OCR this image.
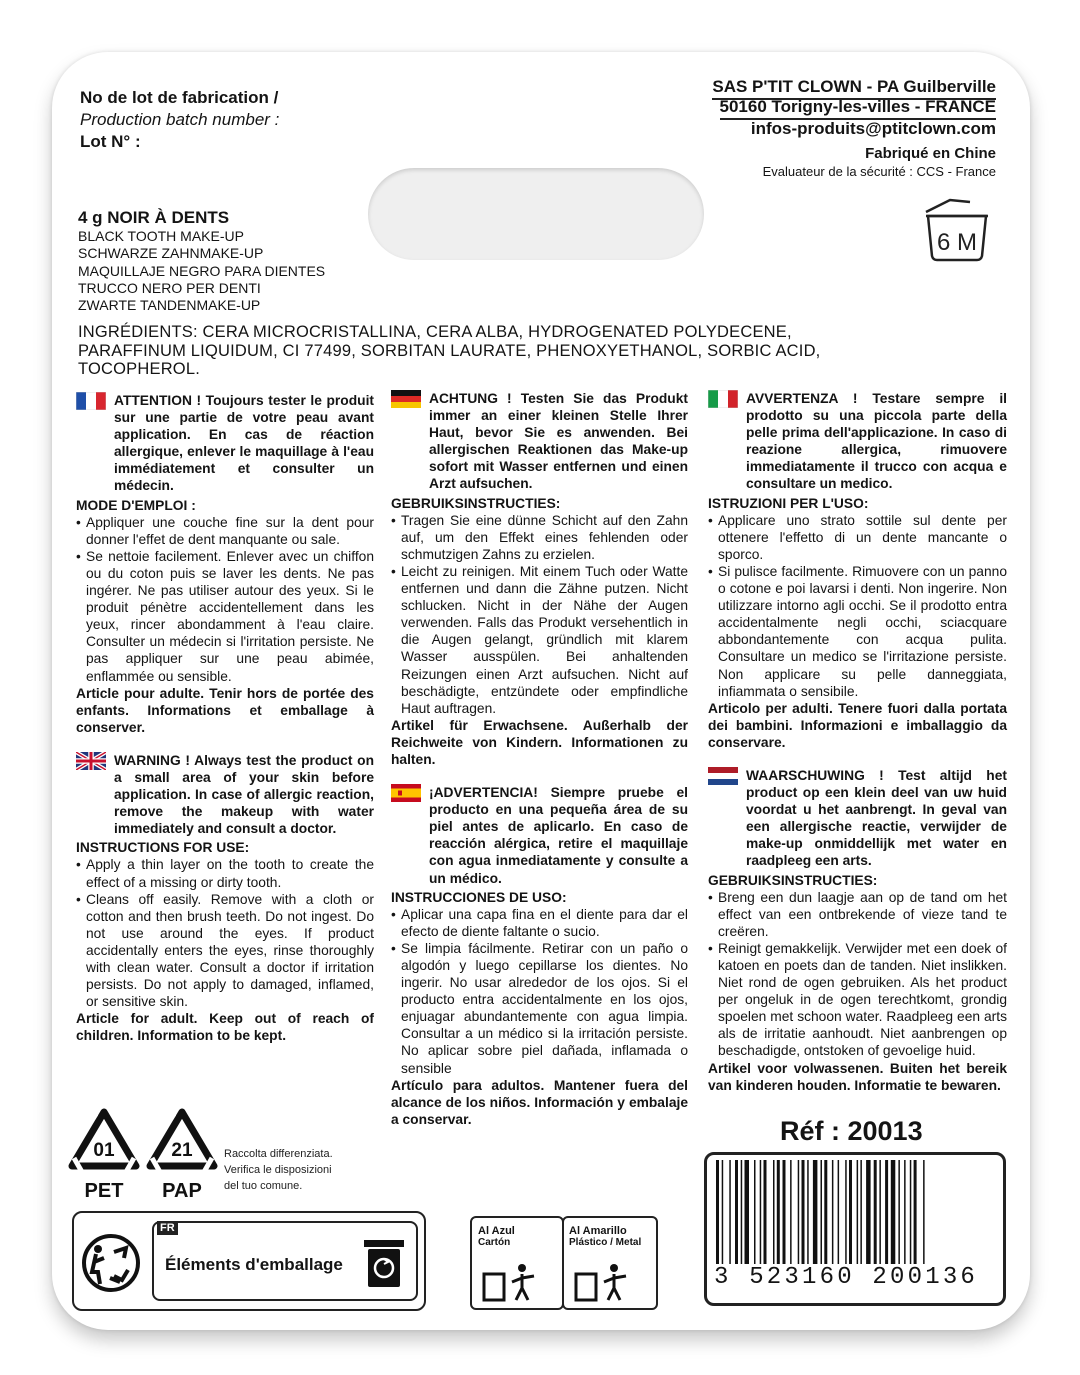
No de lot de fabrication /
Production batch number :
Lot N° :
SAS P'TIT CLOWN - PA Guilberville
50160 Torigny-les-villes - FRANCE
infos-produits@ptitclown.com
Fabriqué en Chine
Evaluateur de la sécurité : CCS - France
6 M
4 g NOIR À DENTS
BLACK TOOTH MAKE-UP
SCHWARZE ZAHNMAKE-UP
MAQUILLAJE NEGRO PARA DIENTES
TRUCCO NERO PER DENTI
ZWARTE TANDENMAKE-UP
INGRÉDIENTS: CERA MICROCRISTALLINA, CERA ALBA, HYDROGENATED POLYDECENE, PARAFFINUM LIQUIDUM, CI 77499, SORBITAN LAURATE, PHENOXYETHANOL, SORBIC ACID, TOCOPHEROL.

ATTENTION ! Toujours tester le produit sur une partie de votre peau avant application. En cas de réaction allergique, enlever le maquillage à l'eau immédiatement et consulter un médecin.

MODE D'EMPLOI :

• Appliquer une couche fine sur la dent pour donner l'effet de dent manquante ou sale.
• Se nettoie facilement. Enlever avec un chiffon ou du coton puis se laver les dents. Ne pas ingérer. Ne pas utiliser autour des yeux. Si le produit pénètre accidentellement dans les yeux, rincer abondamment à l'eau claire. Consulter un médecin si l'irritation persiste. Ne pas appliquer sur une peau abimée, enflammée ou sensible.

Article pour adulte. Tenir hors de portée des enfants. Informations et emballage à conserver.

WARNING ! Always test the product on a small area of your skin before application. In case of allergic reaction, remove the makeup with water immediately and consult a doctor.

INSTRUCTIONS FOR USE:

• Apply a thin layer on the tooth to create the effect of a missing or dirty tooth.
• Cleans off easily. Remove with a cloth or cotton and then brush teeth. Do not ingest. Do not use around the eyes. If product accidentally enters the eyes, rinse thoroughly with clean water. Consult a doctor if irritation persists. Do not apply to damaged, inflamed, or sensitive skin.

Article for adult. Keep out of reach of children. Information to be kept.

ACHTUNG ! Testen Sie das Produkt immer an einer kleinen Stelle Ihrer Haut, bevor Sie es anwenden. Bei allergischen Reaktionen das Make-up sofort mit Wasser entfernen und einen Arzt aufsuchen.

GEBRUIKSINSTRUCTIES:

• Tragen Sie eine dünne Schicht auf den Zahn auf, um den Effekt eines fehlenden oder schmutzigen Zahns zu erzielen.
• Leicht zu reinigen. Mit einem Tuch oder Watte entfernen und dann die Zähne putzen. Nicht schlucken. Nicht in der Nähe der Augen verwenden. Falls das Produkt versehentlich in die Augen gelangt, gründlich mit klarem Wasser ausspülen. Bei anhaltenden Reizungen einen Arzt aufsuchen. Nicht auf beschädigte, entzündete oder empfindliche Haut auftragen.

Artikel für Erwachsene. Außerhalb der Reichweite von Kindern. Informationen zu halten.

¡ADVERTENCIA! Siempre pruebe el producto en una pequeña área de su piel antes de aplicarlo. En caso de reacción alérgica, retire el maquillaje con agua inmediatamente y consulte a un médico.

INSTRUCCIONES DE USO:

• Aplicar una capa fina en el diente para dar el efecto de diente faltante o sucio.
• Se limpia fácilmente. Retirar con un paño o algodón y luego cepillarse los dientes. No ingerir. No usar alrededor de los ojos. Si el producto entra accidentalmente en los ojos, enjuagar abundantemente con agua limpia. Consultar a un médico si la irritación persiste. No aplicar sobre piel dañada, inflamada o sensible

Artículo para adultos. Mantener fuera del alcance de los niños. Información y embalaje a conservar.

AVVERTENZA ! Testare sempre il prodotto su una piccola parte della pelle prima dell'applicazione. In caso di reazione allergica, rimuovere immediatamente il trucco con acqua e consultare un medico.

ISTRUZIONI PER L'USO:

• Applicare uno strato sottile sul dente per ottenere l'effetto di un dente mancante o sporco.
• Si pulisce facilmente. Rimuovere con un panno o cotone e poi lavarsi i denti. Non ingerire. Non utilizzare intorno agli occhi. Se il prodotto entra accidentalmente negli occhi, sciacquare abbondantemente con acqua pulita. Consultare un medico se l'irritazione persiste. Non applicare su pelle danneggiata, infiammata o sensibile.

Articolo per adulti. Tenere fuori dalla portata dei bambini. Informazioni e imballaggio da conservare.

WAARSCHUWING ! Test altijd het product op een klein deel van uw huid voordat u het aanbrengt. In geval van een allergische reactie, verwijder de make-up onmiddellijk met water en raadpleeg een arts.

GEBRUIKSINSTRUCTIES:

• Breng een dun laagje aan op de tand om het effect van een ontbrekende of vieze tand te creëren.
• Reinigt gemakkelijk. Verwijder met een doek of katoen en poets dan de tanden. Niet inslikken. Niet rond de ogen gebruiken. Als het product per ongeluk in de ogen terechtkomt, grondig spoelen met schoon water. Raadpleeg een arts als de irritatie aanhoudt. Niet aanbrengen op beschadigde, ontstoken of gevoelige huid.

Artikel voor volwassenen. Buiten het bereik van kinderen houden. Informatie te bewaren.

01
PET
21
PAP
Raccolta differenziata.
Verifica le disposizioni
del tuo comune.
FR
Éléments d'emballage
Al Azul
Cartón
Al Amarillo
Plástico / Metal
Réf : 20013
3 523160 200136
